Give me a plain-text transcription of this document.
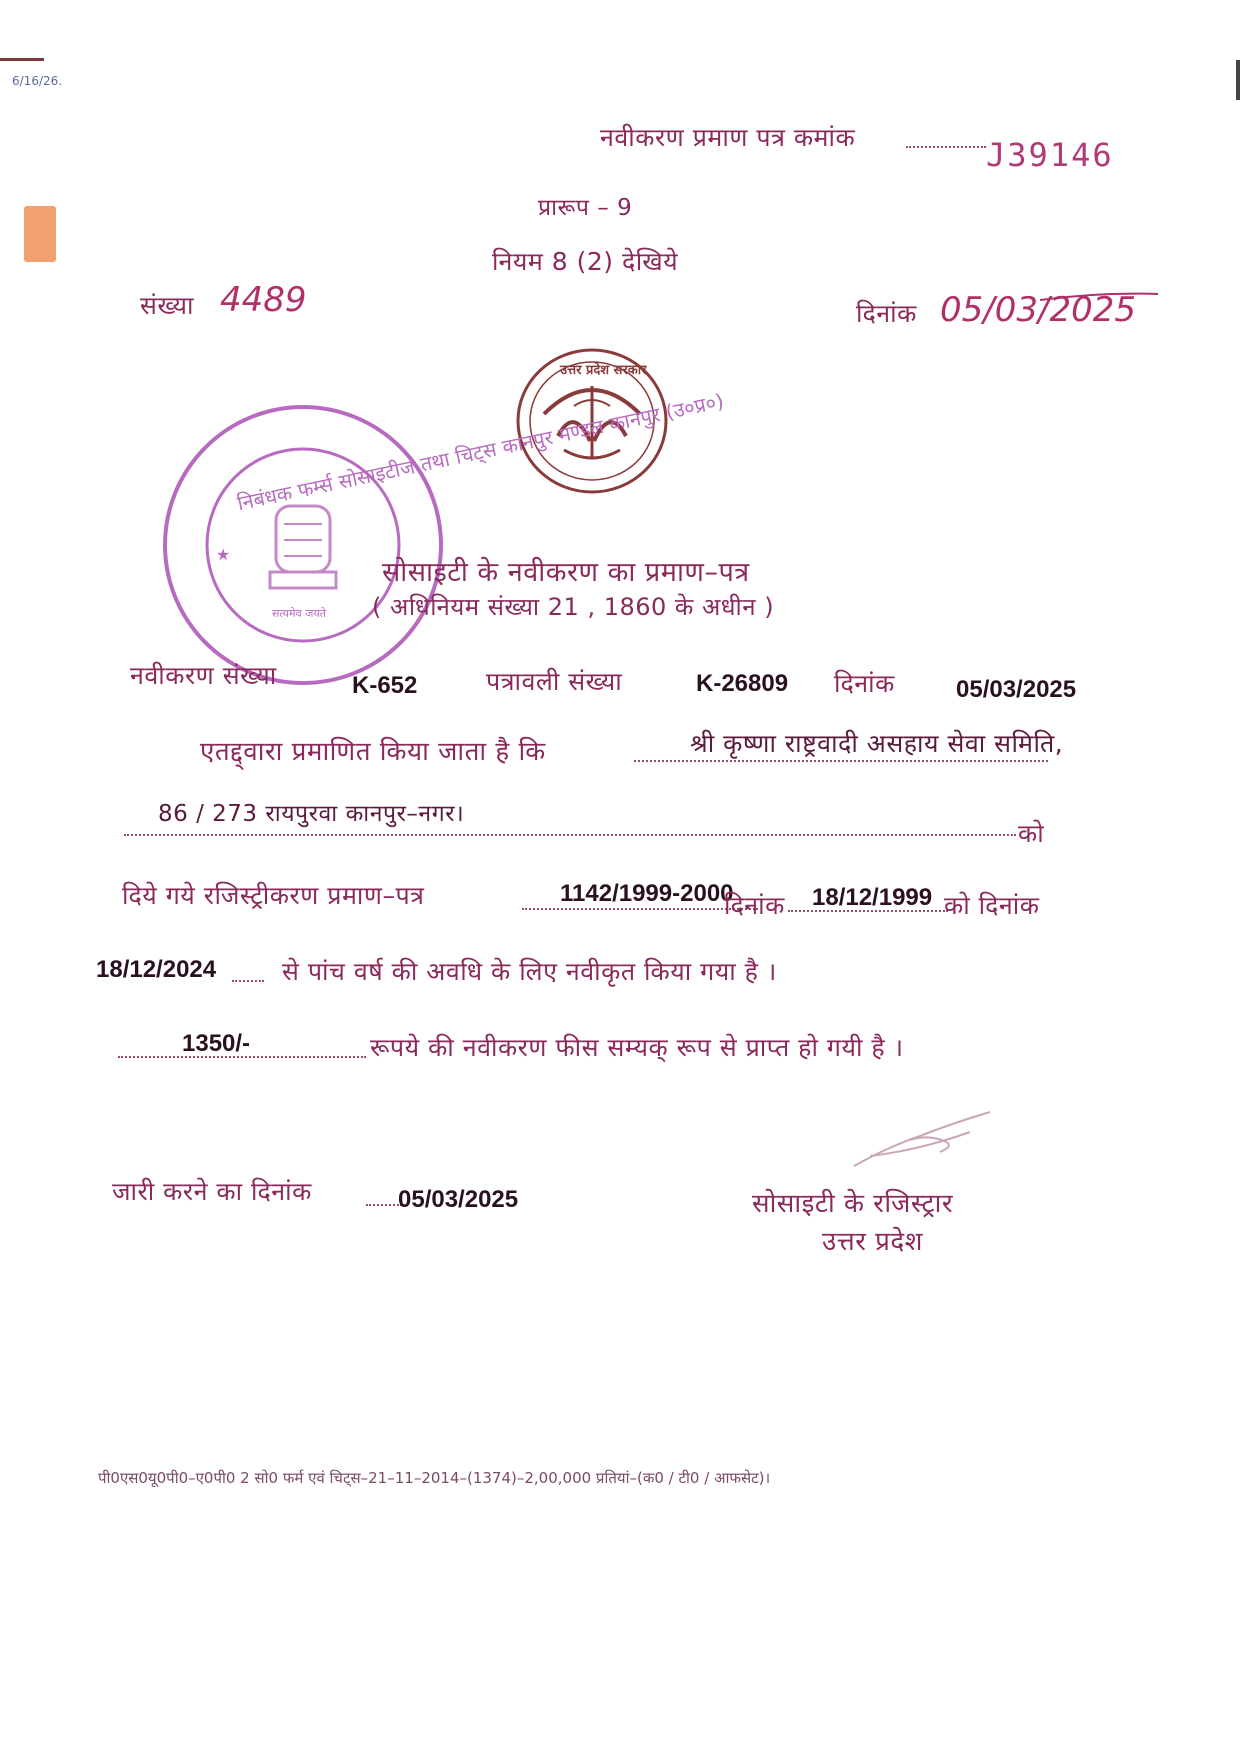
6/16/26.
नवीकरण प्रमाण पत्र कमांक	J39146
प्रारूप – 9
नियम 8 (2) देखिये
संख्या 4489	दिनांक 05/03/2025
उत्तर प्रदेश सरकार
★
निबंधक फर्म्स सोसाइटीज तथा चिट्स कानपुर मण्डल कानपुर (उ०प्र०)
सत्यमेव जयते
सोसाइटी के नवीकरण का प्रमाण–पत्र
( अधिनियम संख्या 21 , 1860 के अधीन )
नवीकरण संख्या	K-652	पत्रावली संख्या	K-26809 दिनांक	05/03/2025
एतद्द्वारा प्रमाणित किया जाता है कि	श्री कृष्णा राष्ट्रवादी असहाय सेवा समिति,
86 / 273 रायपुरवा कानपुर–नगर।
को
दिये गये रजिस्ट्रीकरण प्रमाण–पत्र	1142/1999-2000
दिनांक 18/12/1999 को दिनांक
18/12/2024	से पांच वर्ष की अवधि के लिए नवीकृत किया गया है ।
1350/-	रूपये की नवीकरण फीस सम्यक् रूप से प्राप्त हो गयी है ।
जारी करने का दिनांक	05/03/2025	सोसाइटी के रजिस्ट्रार
उत्तर प्रदेश
पी0एस0यू0पी0–ए0पी0 2 सो0 फर्म एवं चिट्स–21–11–2014–(1374)–2,00,000 प्रतियां–(क0 / टी0 / आफसेट)।
